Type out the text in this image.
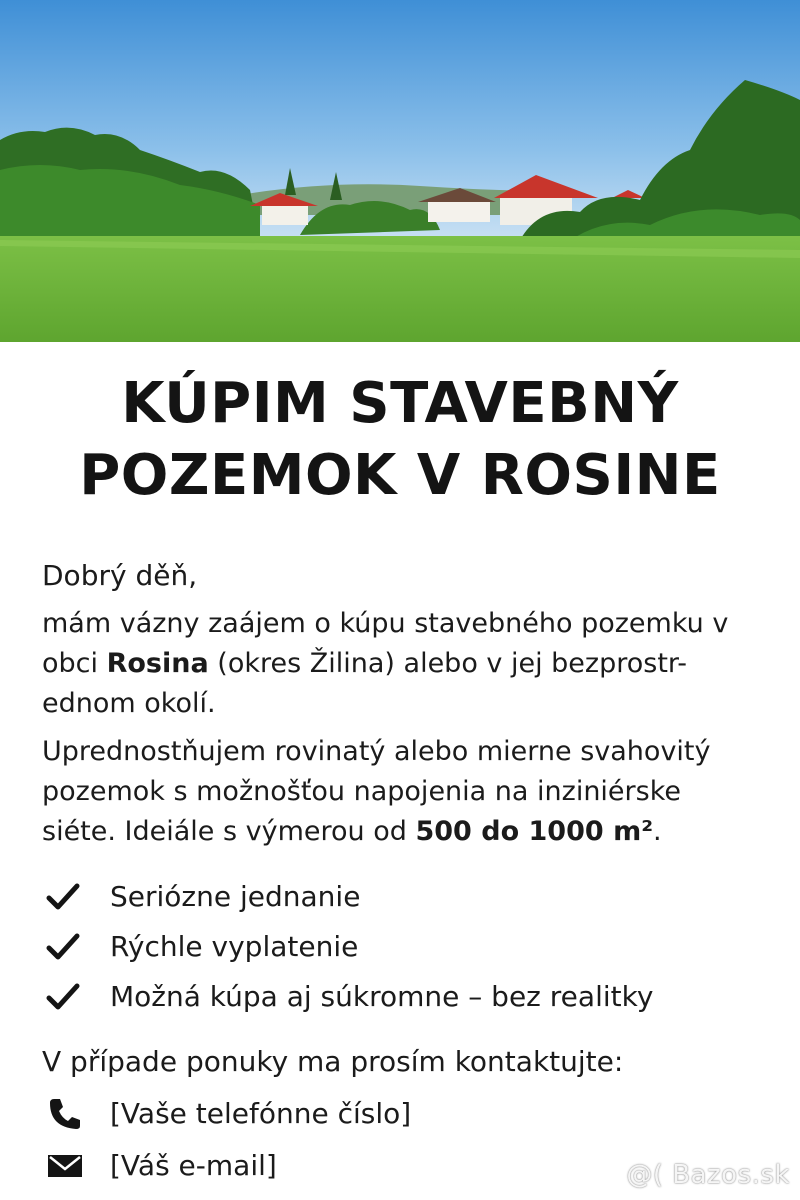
KÚPIM STAVEBNÝ
POZEMOK V ROSINE

Dobrý děň,

mám vázny zaájem o kúpu stavebného pozemku v obci Rosina (okres Žilina) alebo v jej bezprostr-ednom okolí.

Uprednostňujem rovinatý alebo mierne svahovitý pozemok s možnošťou napojenia na inziniérske siéte. Ideiále s výmerou od 500 do 1000 m².

Seriózne jednanie
Rýchle vyplatenie
Možná kúpa aj súkromne – bez realitky

V případe ponuky ma prosím kontaktujte:

[Vaše telefónne číslo]
[Váš e-mail]	@( Bazos.sk
